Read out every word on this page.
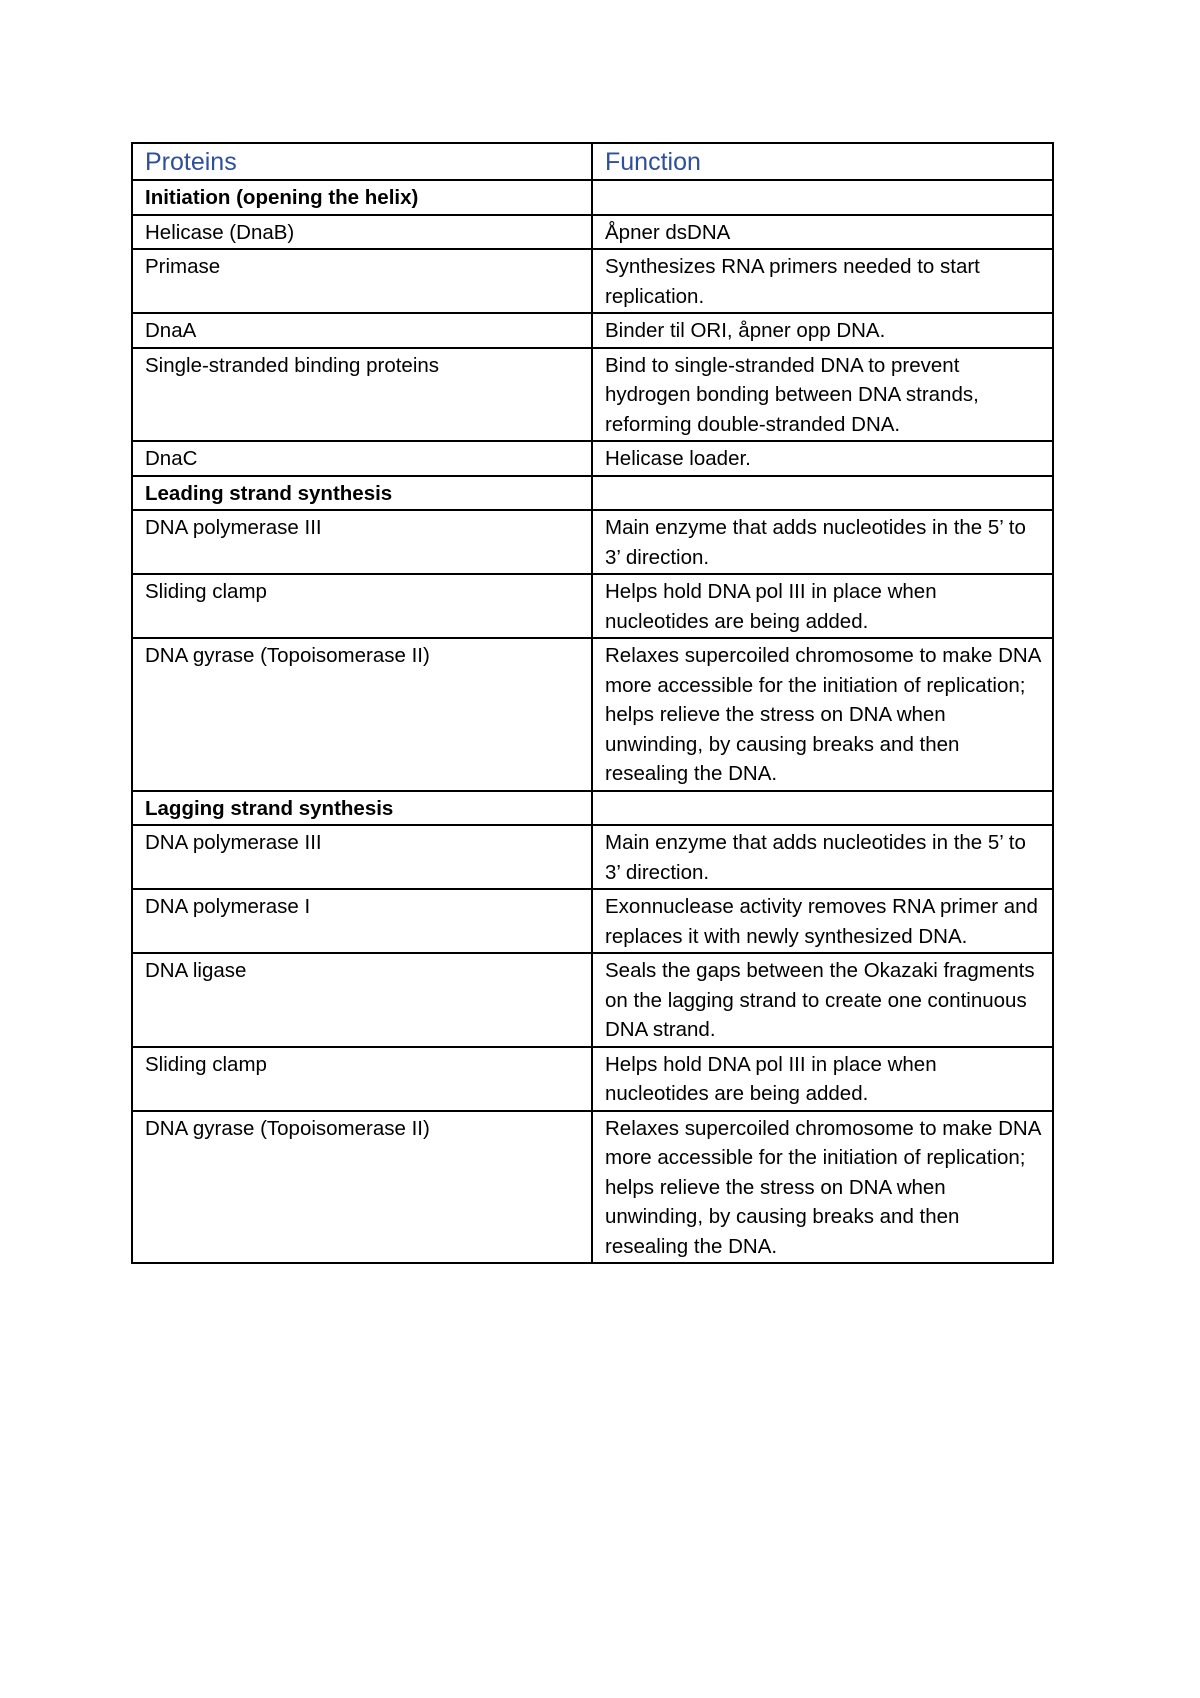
Proteins	Function
Initiation (opening the helix)	
Helicase (DnaB)	Åpner dsDNA
Primase	Synthesizes RNA primers needed to start replication.
DnaA	Binder til ORI, åpner opp DNA.
Single-stranded binding proteins	Bind to single-stranded DNA to prevent hydrogen bonding between DNA strands, reforming double-stranded DNA.
DnaC	Helicase loader.
Leading strand synthesis	
DNA polymerase III	Main enzyme that adds nucleotides in the 5’ to 3’ direction.
Sliding clamp	Helps hold DNA pol III in place when nucleotides are being added.
DNA gyrase (Topoisomerase II)	Relaxes supercoiled chromosome to make DNA more accessible for the initiation of replication; helps relieve the stress on DNA when unwinding, by causing breaks and then resealing the DNA.
Lagging strand synthesis	
DNA polymerase III	Main enzyme that adds nucleotides in the 5’ to 3’ direction.
DNA polymerase I	Exonnuclease activity removes RNA primer and replaces it with newly synthesized DNA.
DNA ligase	Seals the gaps between the Okazaki fragments on the lagging strand to create one continuous DNA strand.
Sliding clamp	Helps hold DNA pol III in place when nucleotides are being added.
DNA gyrase (Topoisomerase II)	Relaxes supercoiled chromosome to make DNA more accessible for the initiation of replication; helps relieve the stress on DNA when unwinding, by causing breaks and then resealing the DNA.
